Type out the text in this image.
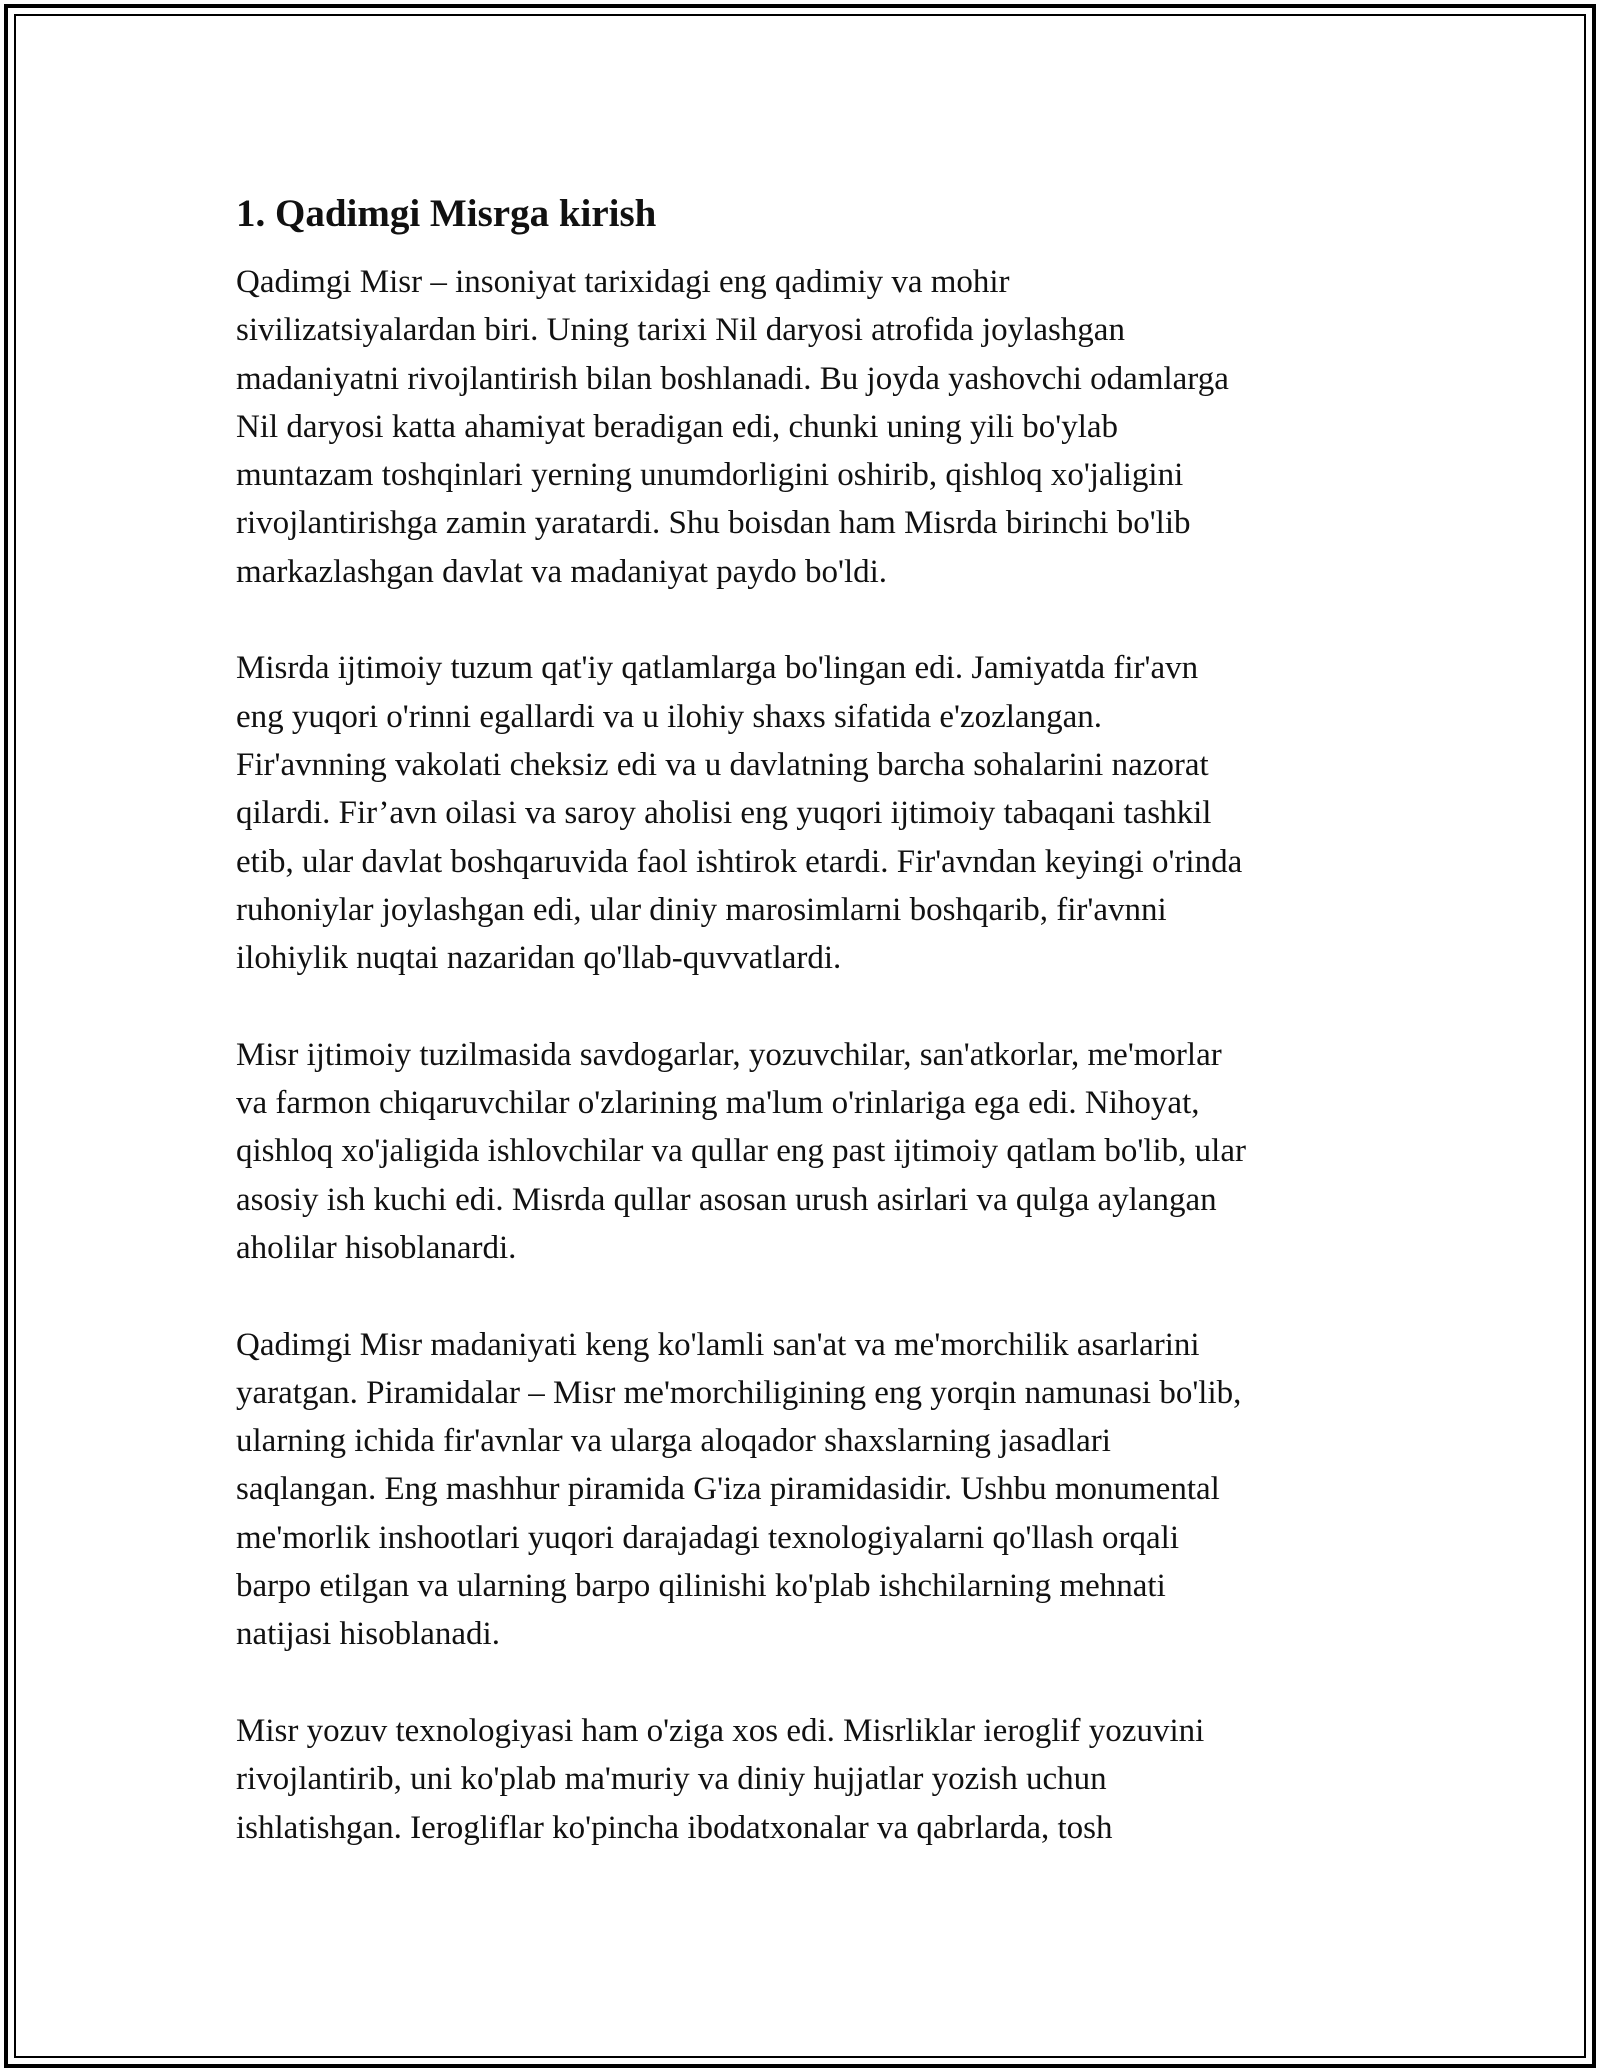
1. Qadimgi Misrga kirish

Qadimgi Misr – insoniyat tarixidagi eng qadimiy va mohir
sivilizatsiyalardan biri. Uning tarixi Nil daryosi atrofida joylashgan
madaniyatni rivojlantirish bilan boshlanadi. Bu joyda yashovchi odamlarga
Nil daryosi katta ahamiyat beradigan edi, chunki uning yili bo'ylab
muntazam toshqinlari yerning unumdorligini oshirib, qishloq xo'jaligini
rivojlantirishga zamin yaratardi. Shu boisdan ham Misrda birinchi bo'lib
markazlashgan davlat va madaniyat paydo bo'ldi.

Misrda ijtimoiy tuzum qat'iy qatlamlarga bo'lingan edi. Jamiyatda fir'avn
eng yuqori o'rinni egallardi va u ilohiy shaxs sifatida e'zozlangan.
Fir'avnning vakolati cheksiz edi va u davlatning barcha sohalarini nazorat
qilardi. Fir’avn oilasi va saroy aholisi eng yuqori ijtimoiy tabaqani tashkil
etib, ular davlat boshqaruvida faol ishtirok etardi. Fir'avndan keyingi o'rinda
ruhoniylar joylashgan edi, ular diniy marosimlarni boshqarib, fir'avnni
ilohiylik nuqtai nazaridan qo'llab-quvvatlardi.

Misr ijtimoiy tuzilmasida savdogarlar, yozuvchilar, san'atkorlar, me'morlar
va farmon chiqaruvchilar o'zlarining ma'lum o'rinlariga ega edi. Nihoyat,
qishloq xo'jaligida ishlovchilar va qullar eng past ijtimoiy qatlam bo'lib, ular
asosiy ish kuchi edi. Misrda qullar asosan urush asirlari va qulga aylangan
aholilar hisoblanardi.

Qadimgi Misr madaniyati keng ko'lamli san'at va me'morchilik asarlarini
yaratgan. Piramidalar – Misr me'morchiligining eng yorqin namunasi bo'lib,
ularning ichida fir'avnlar va ularga aloqador shaxslarning jasadlari
saqlangan. Eng mashhur piramida G'iza piramidasidir. Ushbu monumental
me'morlik inshootlari yuqori darajadagi texnologiyalarni qo'llash orqali
barpo etilgan va ularning barpo qilinishi ko'plab ishchilarning mehnati
natijasi hisoblanadi.

Misr yozuv texnologiyasi ham o'ziga xos edi. Misrliklar ieroglif yozuvini
rivojlantirib, uni ko'plab ma'muriy va diniy hujjatlar yozish uchun
ishlatishgan. Ierogliflar ko'pincha ibodatxonalar va qabrlarda, tosh
